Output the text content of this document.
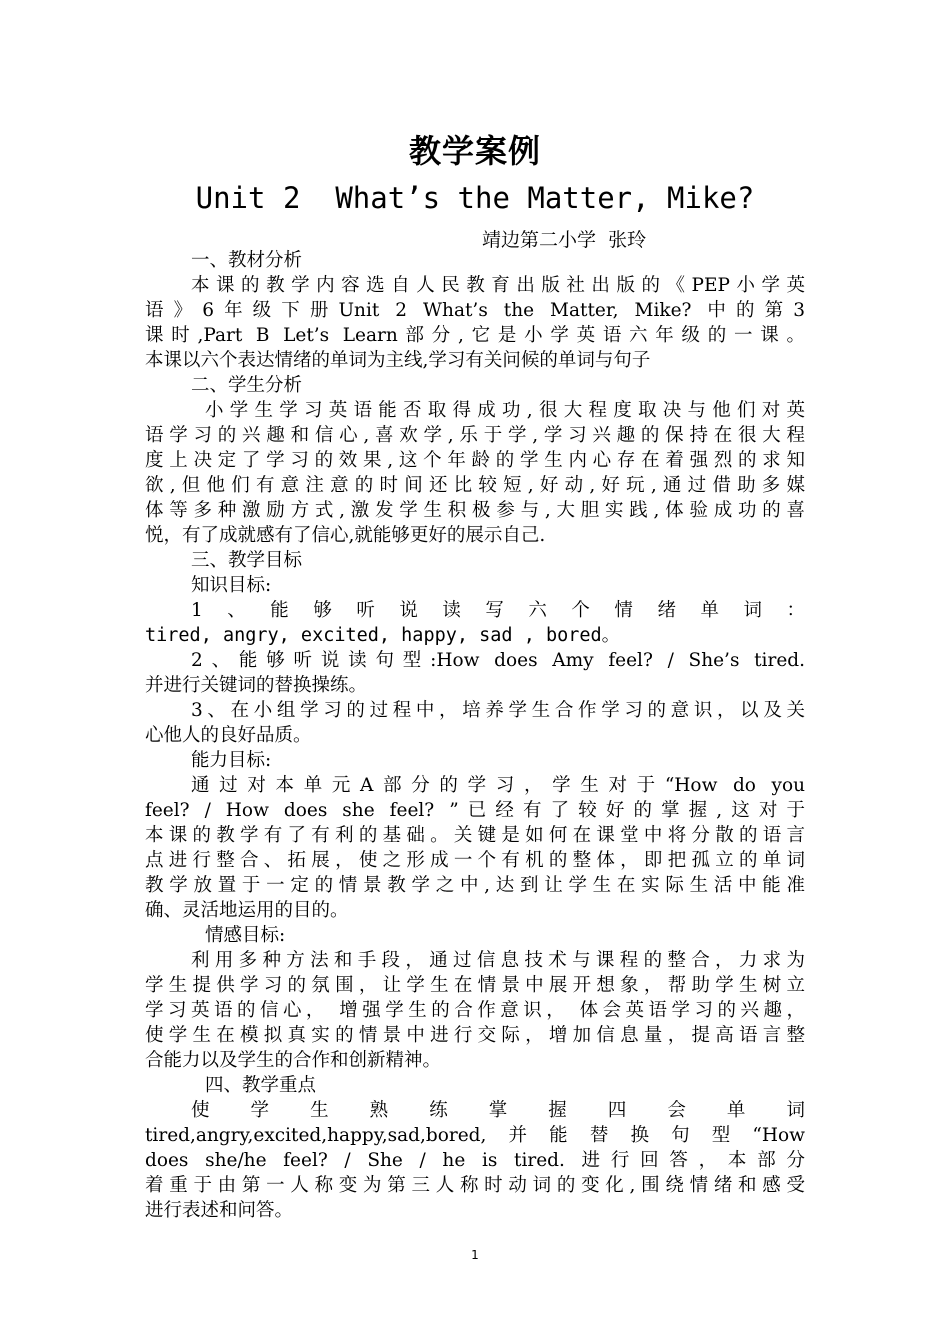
教学案例
Unit 2  What’s the Matter, Mike?
靖边第二小学  张玲
一、教材分析
本课的教学内容选自人民教育出版社出版的《PEP小学英
语》6年级下册Unit 2 What’s the Matter, Mike? 中的第3
课时,Part B Let’s Learn部分,它是小学英语六年级的一课。
本课以六个表达情绪的单词为主线,学习有关问候的单词与句子
二、学生分析
小学生学习英语能否取得成功,很大程度取决与他们对英
语学习的兴趣和信心,喜欢学,乐于学,学习兴趣的保持在很大程
度上决定了学习的效果,这个年龄的学生内心存在着强烈的求知
欲,但他们有意注意的时间还比较短,好动,好玩,通过借助多媒
体等多种激励方式,激发学生积极参与,大胆实践,体验成功的喜
悦，有了成就感有了信心,就能够更好的展示自己.
三、教学目标
知识目标:
1、能够听说读写六个情绪单词：
tired, angry, excited, happy, sad , bored。
2、能够听说读句型:How does Amy feel? / She’s tired.
并进行关键词的替换操练。
3、在小组学习的过程中，培养学生合作学习的意识，以及关
心他人的良好品质。
能力目标:
通过对本单元A部分的学习，学生对于“How do you
feel? / How does she feel? ”已经有了较好的掌握,这对于
本课的教学有了有利的基础。关键是如何在课堂中将分散的语言
点进行整合、拓展，使之形成一个有机的整体，即把孤立的单词
教学放置于一定的情景教学之中,达到让学生在实际生活中能准
确、灵活地运用的目的。
情感目标:
利用多种方法和手段，通过信息技术与课程的整合，力求为
学生提供学习的氛围，让学生在情景中展开想象，帮助学生树立
学习英语的信心， 增强学生的合作意识， 体会英语学习的兴趣，
使学生在模拟真实的情景中进行交际，增加信息量，提高语言整
合能力以及学生的合作和创新精神。
四、教学重点
使学生熟练掌握四会单词
tired,angry,excited,happy,sad,bored,并能替换句型“How
does she/he feel? / She / he is tired. 进行回答，本部分
着重于由第一人称变为第三人称时动词的变化,围绕情绪和感受
进行表述和问答。
1
